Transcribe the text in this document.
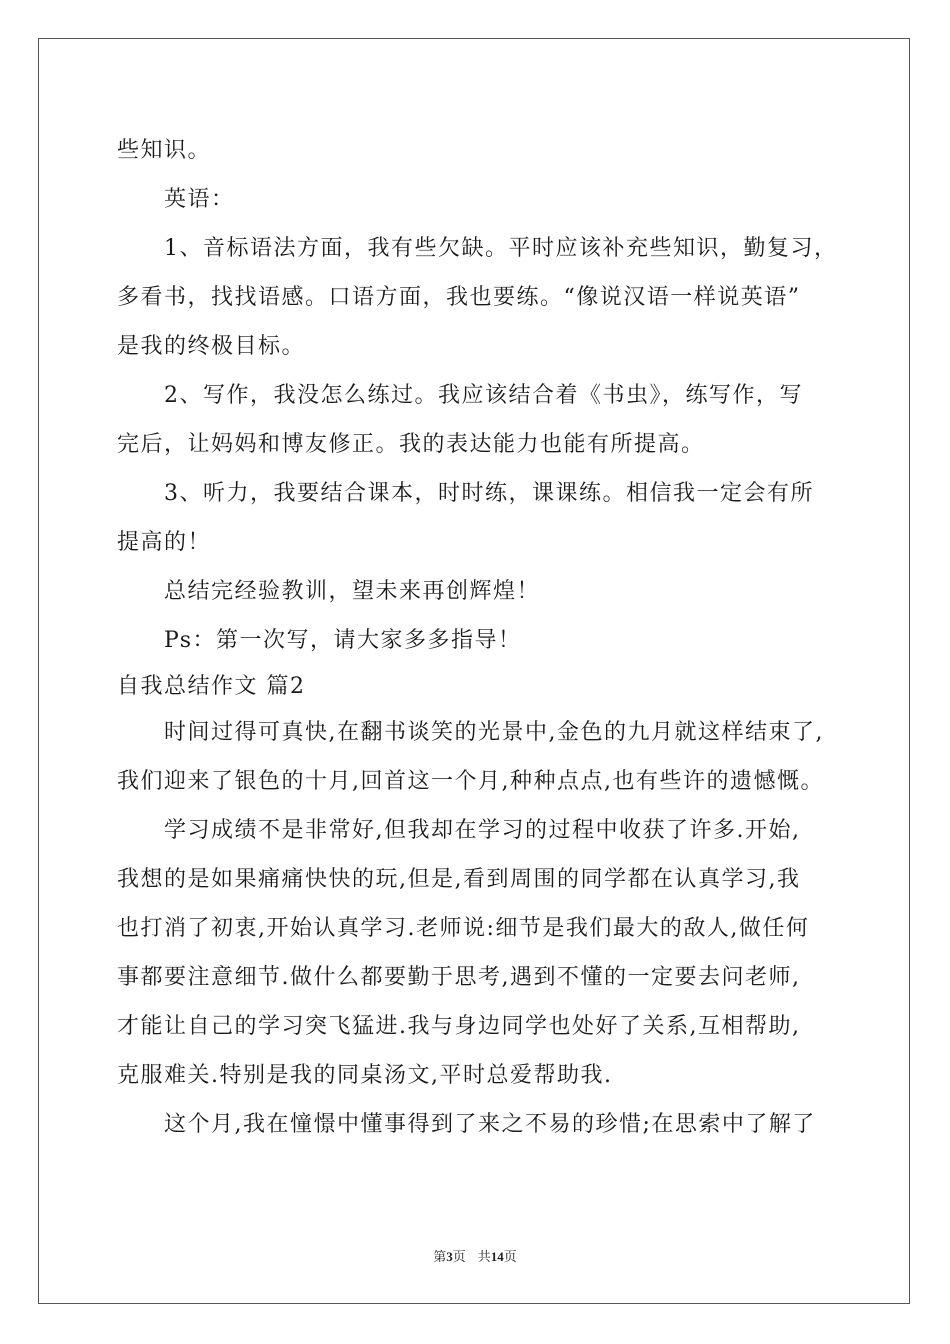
些知识。
英语：
1、音标语法方面，我有些欠缺。平时应该补充些知识，勤复习，
多看书，找找语感。口语方面，我也要练。“像说汉语一样说英语”
是我的终极目标。
2、写作，我没怎么练过。我应该结合着《书虫》，练写作，写
完后，让妈妈和博友修正。我的表达能力也能有所提高。
3、听力，我要结合课本，时时练，课课练。相信我一定会有所
提高的！
总结完经验教训，望未来再创辉煌！
Ps：第一次写，请大家多多指导！
自我总结作文 篇2
时间过得可真快,在翻书谈笑的光景中,金色的九月就这样结束了,
我们迎来了银色的十月,回首这一个月,种种点点,也有些许的遗憾慨。
学习成绩不是非常好,但我却在学习的过程中收获了许多.开始,
我想的是如果痛痛快快的玩,但是,看到周围的同学都在认真学习,我
也打消了初衷,开始认真学习.老师说:细节是我们最大的敌人,做任何
事都要注意细节.做什么都要勤于思考,遇到不懂的一定要去问老师,
才能让自己的学习突飞猛进.我与身边同学也处好了关系,互相帮助,
克服难关.特别是我的同桌汤文,平时总爱帮助我.
这个月,我在憧憬中懂事得到了来之不易的珍惜;在思索中了解了
第3页 共14页
